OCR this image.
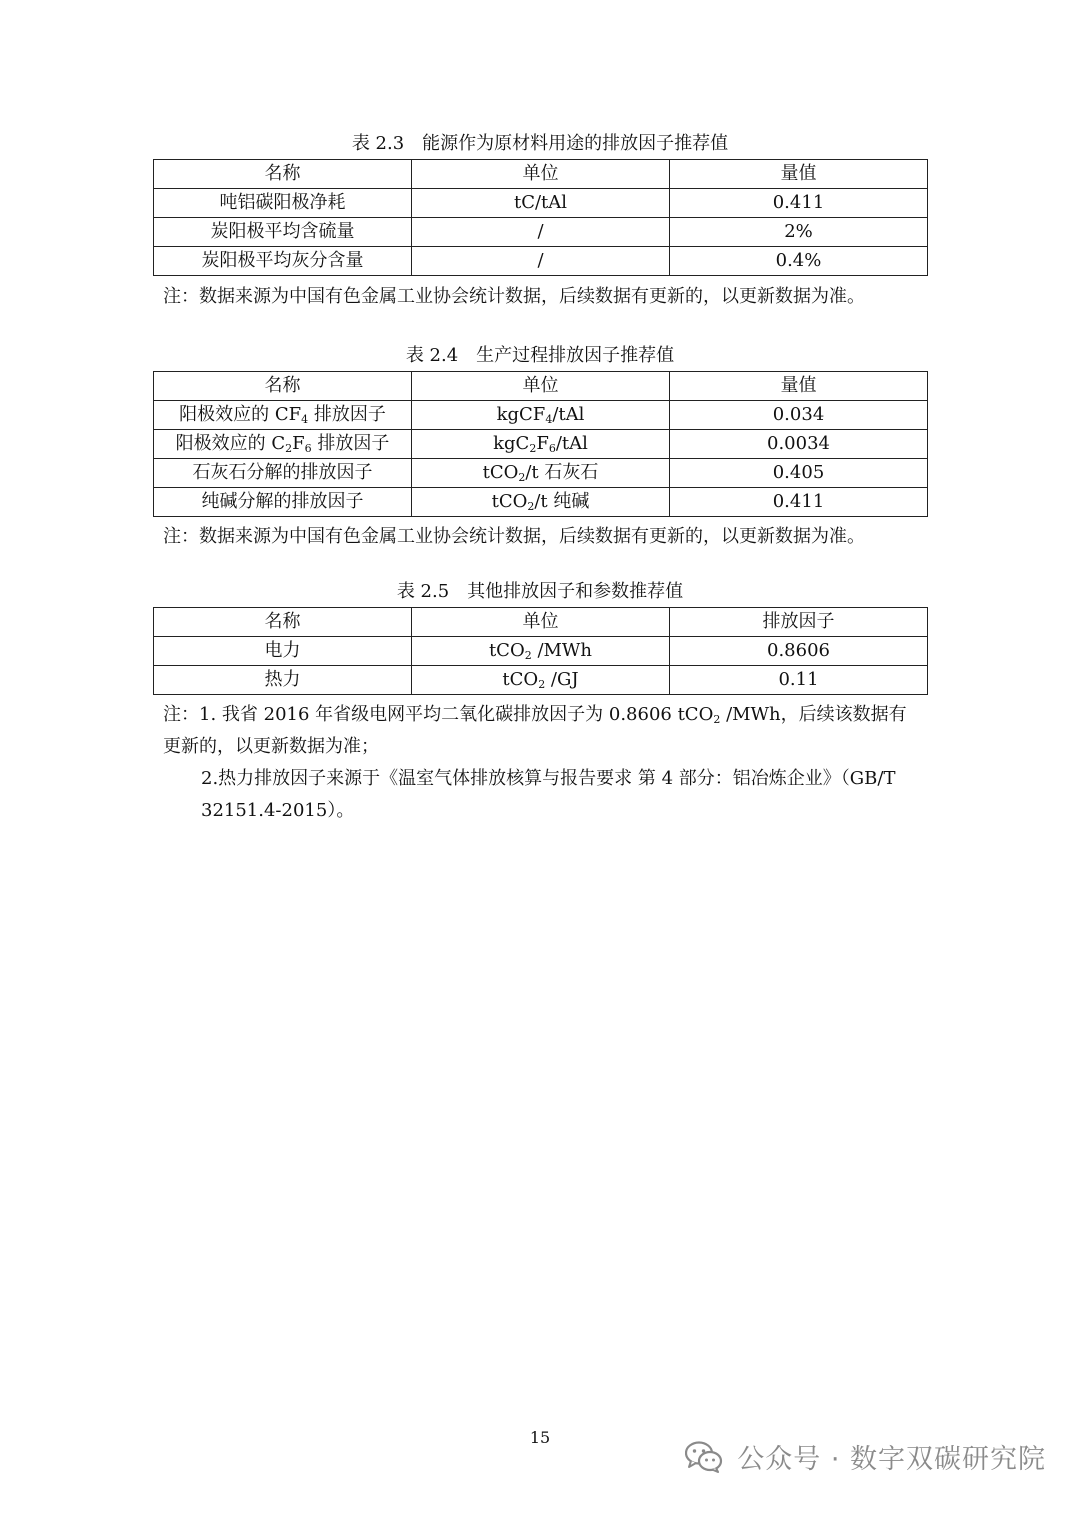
表 2.3　能源作为原材料用途的排放因子推荐值
名称	单位	量值
吨铝碳阳极净耗	tC/tAl	0.411
炭阳极平均含硫量	/	2%
炭阳极平均灰分含量	/	0.4%

注：数据来源为中国有色金属工业协会统计数据，后续数据有更新的，以更新数据为准。

表 2.4　生产过程排放因子推荐值
名称	单位	量值
阳极效应的 $CF_4$ 排放因子	kgCF$_4$/tAl	0.034
阳极效应的 $C_2F_6$ 排放因子	$kgC_2F_6$/tAl	0.0034
石灰石分解的排放因子	tCO$_2$/t 石灰石	0.405
纯碱分解的排放因子	tCO$_2$/t 纯碱	0.411

注：数据来源为中国有色金属工业协会统计数据，后续数据有更新的，以更新数据为准。

表 2.5　其他排放因子和参数推荐值
名称	单位	排放因子
电力	tCO$_2$ /MWh	0.8606
热力	tCO$_2$ /GJ	0.11

注：1. 我省 2016 年省级电网平均二氧化碳排放因子为 0.8606 tCO$_2$ /MWh，后续该数据有更新的，以更新数据为准；

2.热力排放因子来源于《温室气体排放核算与报告要求 第 4 部分：铝冶炼企业》（GB/T 32151.4-2015）。

15
公众号 · 数字双碳研究院
